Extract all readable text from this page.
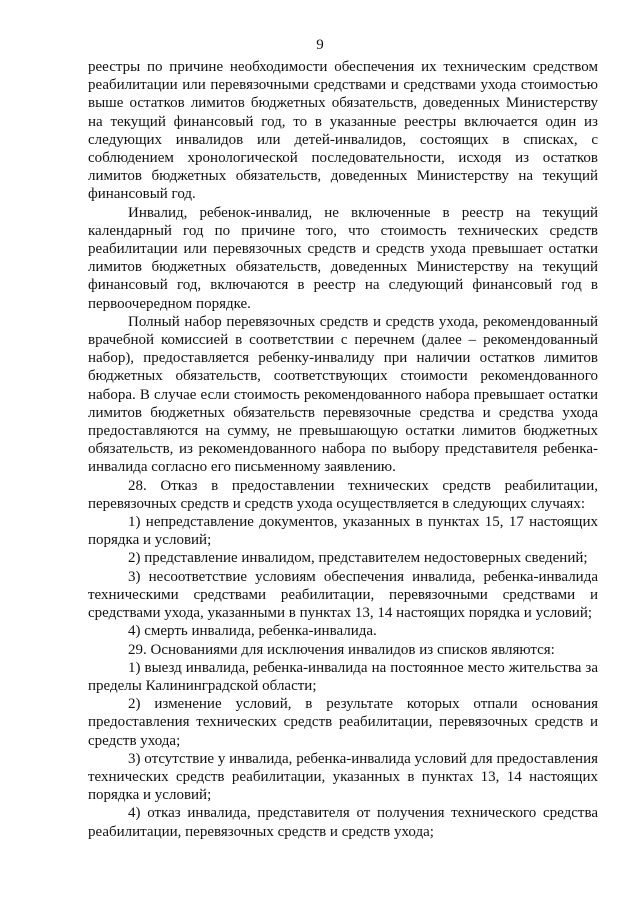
9

реестры по причине необходимости обеспечения их техническим средством реабилитации или перевязочными средствами и средствами ухода стоимостью выше остатков лимитов бюджетных обязательств, доведенных Министерству на текущий финансовый год, то в указанные реестры включается один из следующих инвалидов или детей-инвалидов, состоящих в списках, с соблюдением хронологической последовательности, исходя из остатков лимитов бюджетных обязательств, доведенных Министерству на текущий финансовый год.

Инвалид, ребенок-инвалид, не включенные в реестр на текущий календарный год по причине того, что стоимость технических средств реабилитации или перевязочных средств и средств ухода превышает остатки лимитов бюджетных обязательств, доведенных Министерству на текущий финансовый год, включаются в реестр на следующий финансовый год в первоочередном порядке.

Полный набор перевязочных средств и средств ухода, рекомендованный врачебной комиссией в соответствии с перечнем (далее – рекомендованный набор), предоставляется ребенку-инвалиду при наличии остатков лимитов бюджетных обязательств, соответствующих стоимости рекомендованного набора. В случае если стоимость рекомендованного набора превышает остатки лимитов бюджетных обязательств перевязочные средства и средства ухода предоставляются на сумму, не превышающую остатки лимитов бюджетных обязательств, из рекомендованного набора по выбору представителя ребенка-инвалида согласно его письменному заявлению.

28. Отказ в предоставлении технических средств реабилитации, перевязочных средств и средств ухода осуществляется в следующих случаях:

1) непредставление документов, указанных в пунктах 15, 17 настоящих порядка и условий;

2) представление инвалидом, представителем недостоверных сведений;

3) несоответствие условиям обеспечения инвалида, ребенка-инвалида техническими средствами реабилитации, перевязочными средствами и средствами ухода, указанными в пунктах 13, 14 настоящих порядка и условий;

4) смерть инвалида, ребенка-инвалида.

29. Основаниями для исключения инвалидов из списков являются:

1) выезд инвалида, ребенка-инвалида на постоянное место жительства за пределы Калининградской области;

2) изменение условий, в результате которых отпали основания предоставления технических средств реабилитации, перевязочных средств и средств ухода;

3) отсутствие у инвалида, ребенка-инвалида условий для предоставления технических средств реабилитации, указанных в пунктах 13, 14 настоящих порядка и условий;

4) отказ инвалида, представителя от получения технического средства реабилитации, перевязочных средств и средств ухода;
